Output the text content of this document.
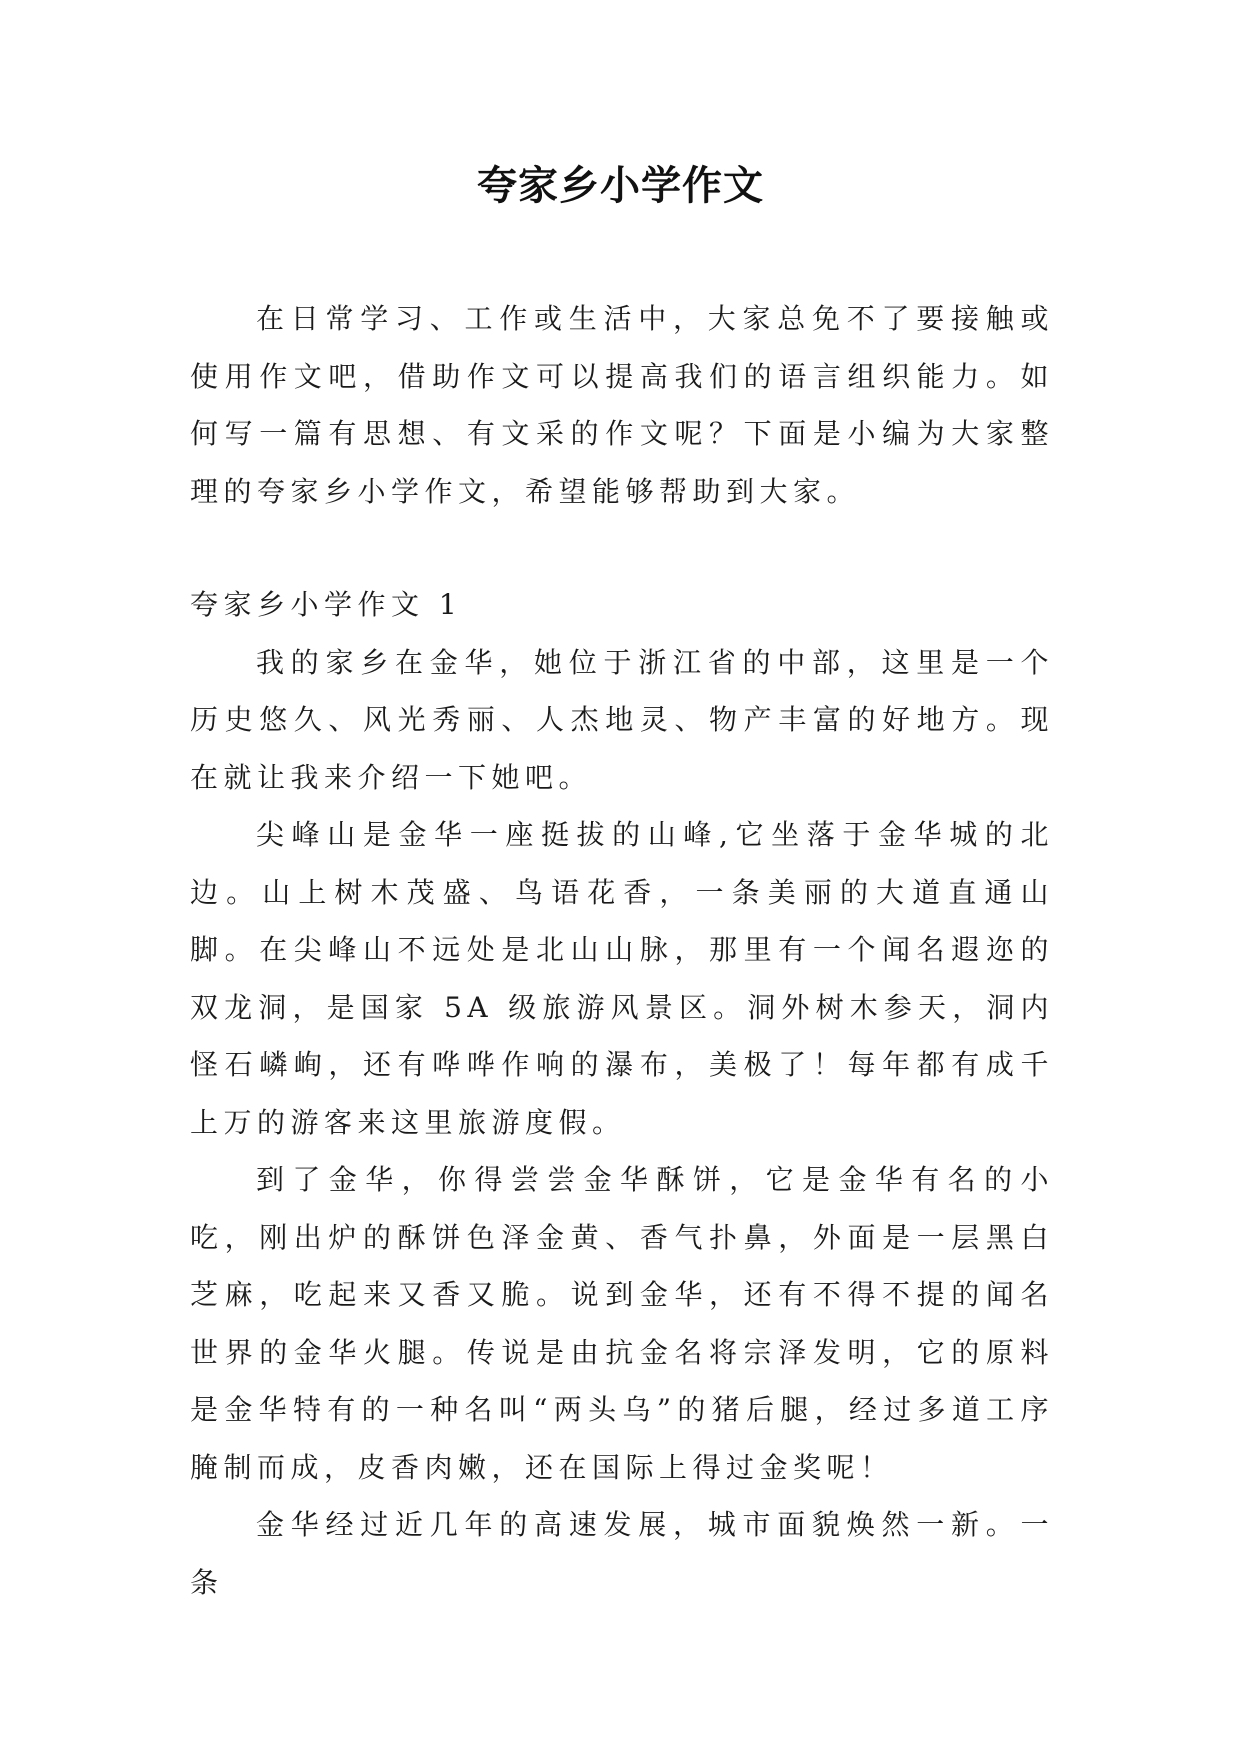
夸家乡小学作文

在日常学习、工作或生活中，大家总免不了要接触或使用作文吧，借助作文可以提高我们的语言组织能力。如何写一篇有思想、有文采的作文呢？下面是小编为大家整理的夸家乡小学作文，希望能够帮助到大家。

夸家乡小学作文 1

我的家乡在金华，她位于浙江省的中部，这里是一个历史悠久、风光秀丽、人杰地灵、物产丰富的好地方。现在就让我来介绍一下她吧。

尖峰山是金华一座挺拔的山峰,它坐落于金华城的北边。山上树木茂盛、鸟语花香，一条美丽的大道直通山脚。在尖峰山不远处是北山山脉，那里有一个闻名遐迩的双龙洞，是国家 5A 级旅游风景区。洞外树木参天，洞内怪石嶙峋，还有哗哗作响的瀑布，美极了！每年都有成千上万的游客来这里旅游度假。

到了金华，你得尝尝金华酥饼，它是金华有名的小吃，刚出炉的酥饼色泽金黄、香气扑鼻，外面是一层黑白芝麻，吃起来又香又脆。说到金华，还有不得不提的闻名世界的金华火腿。传说是由抗金名将宗泽发明，它的原料是金华特有的一种名叫“两头乌”的猪后腿，经过多道工序腌制而成，皮香肉嫩，还在国际上得过金奖呢！

金华经过近几年的高速发展，城市面貌焕然一新。一条
